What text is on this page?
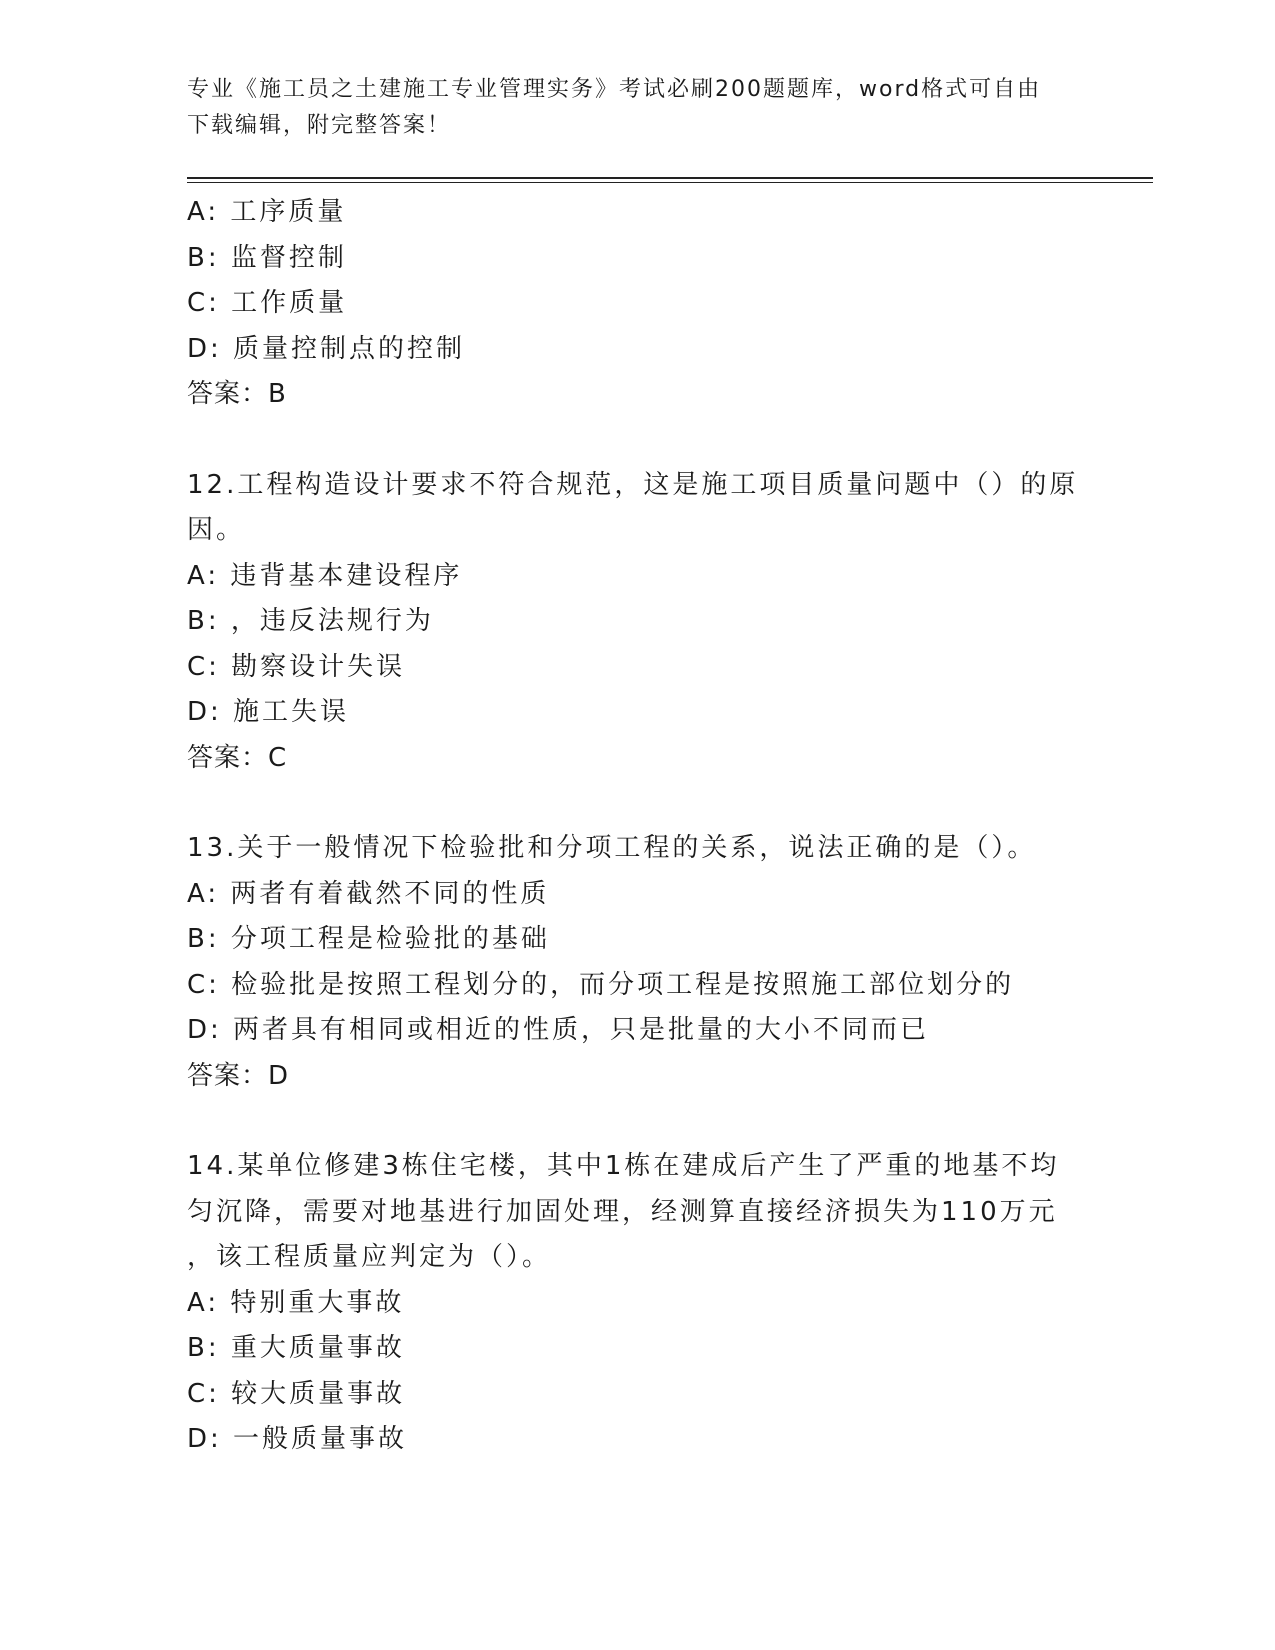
专业《施工员之土建施工专业管理实务》考试必刷200题题库，word格式可自由
下载编辑，附完整答案！
A: 工序质量
B: 监督控制
C: 工作质量
D: 质量控制点的控制
答案：B
12.工程构造设计要求不符合规范，这是施工项目质量问题中（）的原
因。
A: 违背基本建设程序
B: ，违反法规行为
C: 勘察设计失误
D: 施工失误
答案：C
13.关于一般情况下检验批和分项工程的关系，说法正确的是（）。
A: 两者有着截然不同的性质
B: 分项工程是检验批的基础
C: 检验批是按照工程划分的，而分项工程是按照施工部位划分的
D: 两者具有相同或相近的性质，只是批量的大小不同而已
答案：D
14.某单位修建3栋住宅楼，其中1栋在建成后产生了严重的地基不均
匀沉降，需要对地基进行加固处理，经测算直接经济损失为110万元
，该工程质量应判定为（）。
A: 特别重大事故
B: 重大质量事故
C: 较大质量事故
D: 一般质量事故
